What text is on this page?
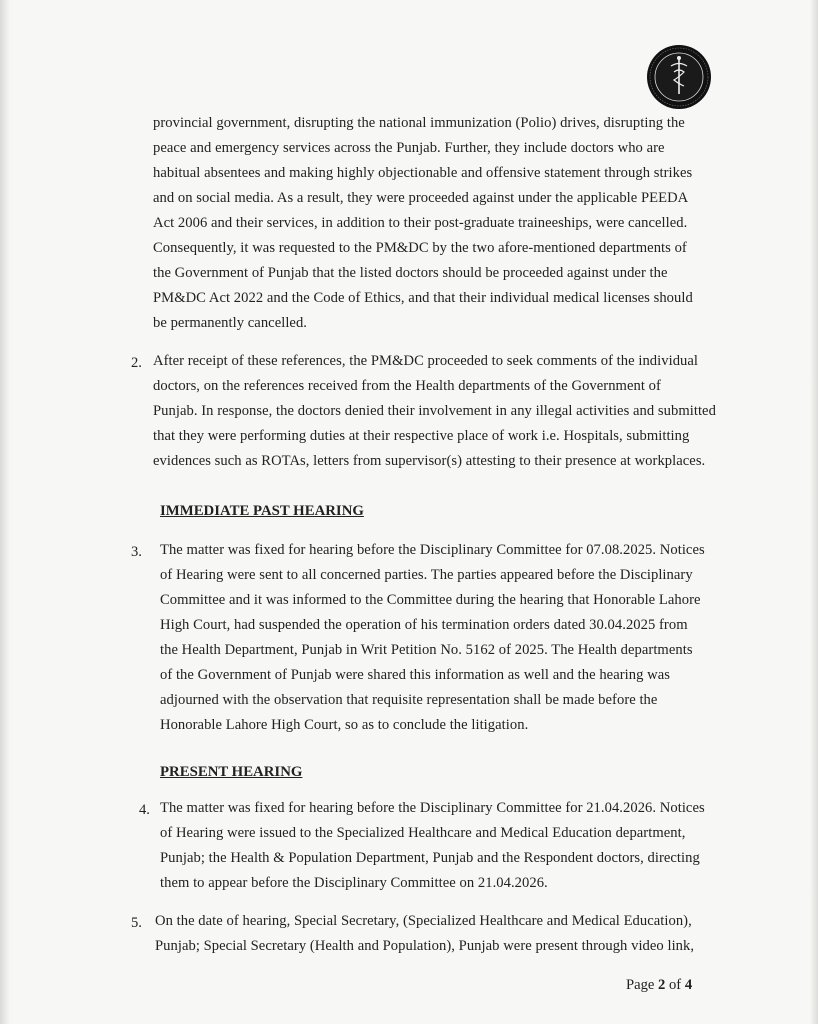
provincial government, disrupting the national immunization (Polio) drives, disrupting the
peace and emergency services across the Punjab. Further, they include doctors who are
habitual absentees and making highly objectionable and offensive statement through strikes
and on social media. As a result, they were proceeded against under the applicable PEEDA
Act 2006 and their services, in addition to their post-graduate traineeships, were cancelled.
Consequently, it was requested to the PM&DC by the two afore-mentioned departments of
the Government of Punjab that the listed doctors should be proceeded against under the
PM&DC Act 2022 and the Code of Ethics, and that their individual medical licenses should
be permanently cancelled.
2. After receipt of these references, the PM&DC proceeded to seek comments of the individual
doctors, on the references received from the Health departments of the Government of
Punjab. In response, the doctors denied their involvement in any illegal activities and submitted
that they were performing duties at their respective place of work i.e. Hospitals, submitting
evidences such as ROTAs, letters from supervisor(s) attesting to their presence at workplaces.
IMMEDIATE PAST HEARING
3. The matter was fixed for hearing before the Disciplinary Committee for 07.08.2025. Notices
of Hearing were sent to all concerned parties. The parties appeared before the Disciplinary
Committee and it was informed to the Committee during the hearing that Honorable Lahore
High Court, had suspended the operation of his termination orders dated 30.04.2025 from
the Health Department, Punjab in Writ Petition No. 5162 of 2025. The Health departments
of the Government of Punjab were shared this information as well and the hearing was
adjourned with the observation that requisite representation shall be made before the
Honorable Lahore High Court, so as to conclude the litigation.
PRESENT HEARING
4. The matter was fixed for hearing before the Disciplinary Committee for 21.04.2026. Notices
of Hearing were issued to the Specialized Healthcare and Medical Education department,
Punjab; the Health & Population Department, Punjab and the Respondent doctors, directing
them to appear before the Disciplinary Committee on 21.04.2026.
5. On the date of hearing, Special Secretary, (Specialized Healthcare and Medical Education),
Punjab; Special Secretary (Health and Population), Punjab were present through video link,
Page 2 of 4
